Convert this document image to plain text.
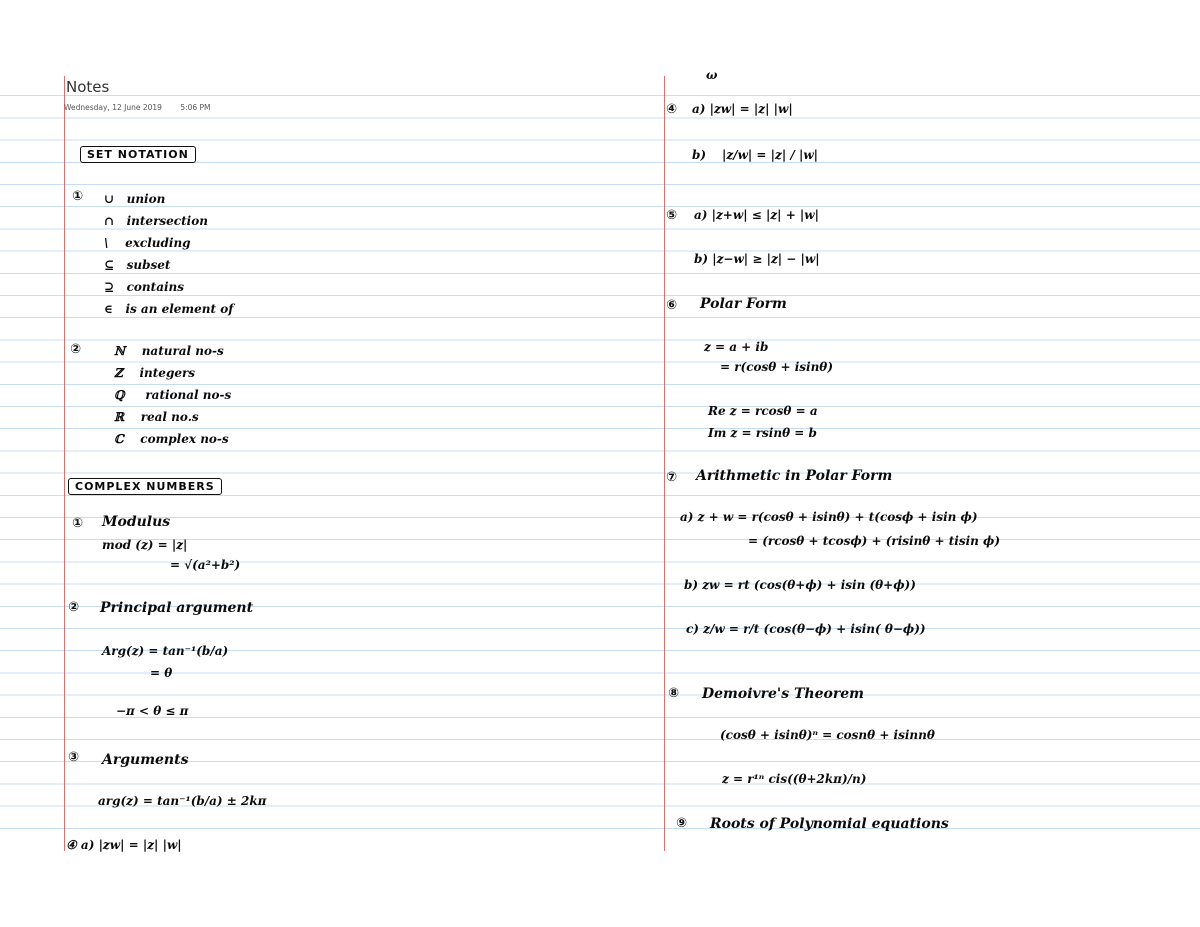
Notes
Wednesday, 12 June 2019 5:06 PM
SET NOTATION
① ∪ union
∩ intersection
\ excluding
⊆ subset
⊇ contains
∈ is an element of
②	ℕ natural no-s
ℤ integers
ℚ rational no-s
ℝ real no.s
ℂ complex no-s
COMPLEX NUMBERS
① Modulus
mod (z) = |z|
= √(a²+b²)
② Principal argument
Arg(z) = tan⁻¹(b/a)
= θ
−π < θ ≤ π
③ Arguments
arg(z) = tan⁻¹(b/a) ± 2kπ
④ a) |zw| = |z| |w|
ω
④ a) |zw| = |z| |w|
b) |z/w| = |z| / |w|
⑤ a) |z+w| ≤ |z| + |w|
b) |z−w| ≥ |z| − |w|
⑥ Polar Form
z = a + ib
= r(cosθ + isinθ)
Re z = rcosθ = a
Im z = rsinθ = b
⑦ Arithmetic in Polar Form
a) z + w = r(cosθ + isinθ) + t(cosϕ + isin ϕ)
= (rcosθ + tcosϕ) + (risinθ + tisin ϕ)
b) zw = rt (cos(θ+ϕ) + isin (θ+ϕ))
c) z/w = r/t (cos(θ−ϕ) + isin( θ−ϕ))
⑧ Demoivre's Theorem
(cosθ + isinθ)ⁿ = cosnθ + isinnθ
z = r¹ⁿ cis((θ+2kπ)/n)
⑨ Roots of Polynomial equations
